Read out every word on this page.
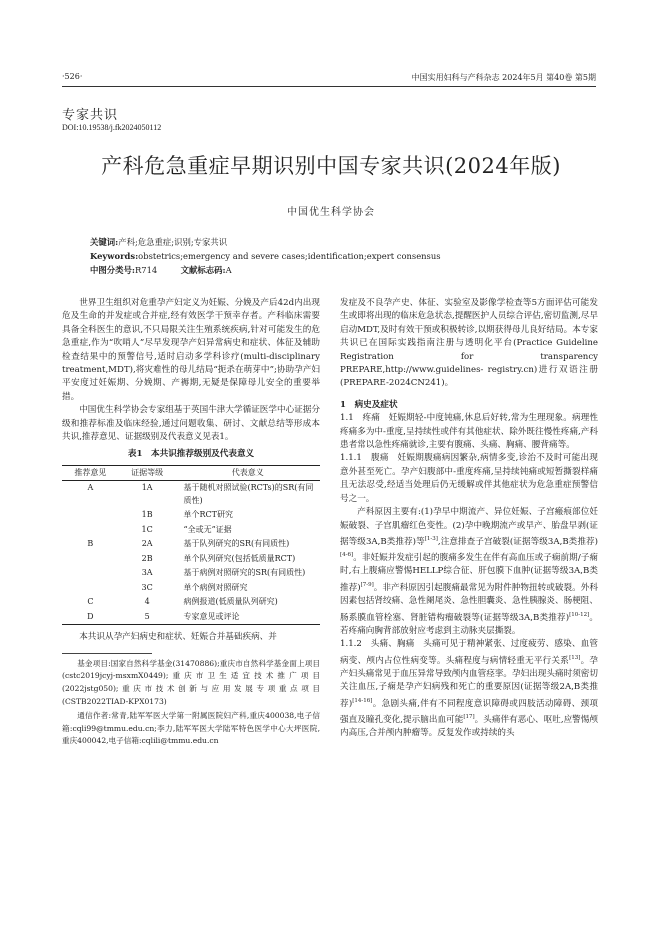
·526·	中国实用妇科与产科杂志 2024年5月 第40卷 第5期
专家共识
DOI:10.19538/j.fk2024050112
产科危急重症早期识别中国专家共识(2024年版)
中国优生科学协会
关键词:产科;危急重症;识别;专家共识
Keywords:obstetrics;emergency and severe cases;identification;expert consensus
中图分类号:R714	文献标志码:A

世界卫生组织对危重孕产妇定义为妊娠、分娩及产后42d内出现危及生命的并发症或合并症,经有效医学干预幸存者。产科临床需要具备全科医生的意识,不只局限关注生殖系统疾病,针对可能发生的危急重症,作为“吹哨人”尽早发现孕产妇异常病史和症状、体征及辅助检查结果中的预警信号,适时启动多学科诊疗(multi-disciplinary treatment,MDT),将灾难性的母儿结局“扼杀在萌芽中”;协助孕产妇平安度过妊娠期、分娩期、产褥期,无疑是保障母儿安全的重要举措。

中国优生科学协会专家组基于英国牛津大学循证医学中心证据分级和推荐标准及临床经验,通过问题收集、研讨、文献总结等形成本共识,推荐意见、证据级别及代表意义见表1。

表1　本共识推荐级别及代表意义
推荐意见	证据等级	代表意义
A	1A	基于随机对照试验(RCTs)的SR(有同质性)
	1B	单个RCT研究
	1C	“全或无”证据
B	2A	基于队列研究的SR(有同质性)
	2B	单个队列研究(包括低质量RCT)
	3A	基于病例对照研究的SR(有同质性)
	3C	单个病例对照研究
C	4	病例报道(低质量队列研究)
D	5	专家意见或评论

本共识从孕产妇病史和症状、妊娠合并基础疾病、并

基金项目:国家自然科学基金(31470886);重庆市自然科学基金面上项目(cstc2019jcyj-msxmX0449);重庆市卫生适宜技术推广项目(2022jstg050);重庆市技术创新与应用发展专项重点项目(CSTB2022TIAD-KPX0173)
通信作者:常青,陆军军医大学第一附属医院妇产科,重庆400038,电子信箱:cqli99@tmmu.edu.cn;李力,陆军军医大学陆军特色医学中心大坪医院,重庆400042,电子信箱:cqlili@tmmu.edu.cn

发症及不良孕产史、体征、实验室及影像学检查等5方面评估可能发生或即将出现的临床危急状态,提醒医护人员综合评估,密切监测,尽早启动MDT,及时有效干预或积极转诊,以期获得母儿良好结局。本专家共识已在国际实践指南注册与透明化平台(Practice Guideline Registration for transparency PREPARE,http://www.guidelines- registry.cn)进行双语注册(PREPARE-2024CN241)。

1　病史及症状

1.1　疼痛　妊娠期轻-中度钝痛,休息后好转,常为生理现象。病理性疼痛多为中-重度,呈持续性或伴有其他症状、除外既往慢性疼痛,产科患者常以急性疼痛就诊,主要有腹痛、头痛、胸痛、腰背痛等。

1.1.1　腹痛　妊娠期腹痛病因繁杂,病情多变,诊治不及时可能出现意外甚至死亡。孕产妇腹部中-重度疼痛,呈持续钝痛或短暂撕裂样痛且无法忍受,经适当处理后仍无缓解或伴其他症状为危急重症预警信号之一。

产科原因主要有:(1)孕早中期流产、异位妊娠、子宫瘢痕部位妊娠破裂、子宫肌瘤红色变性。(2)孕中晚期流产或早产、胎盘早剥(证据等级3A,B类推荐)等[1-3],注意排查子宫破裂(证据等级3A,B类推荐)[4-6]。非妊娠并发症引起的腹痛多发生在伴有高血压或子痫前期/子痫时,右上腹痛应警惕HELLP综合征、肝包膜下血肿(证据等级3A,B类推荐)[7-9]。非产科原因引起腹痛最常见为附件肿物扭转或破裂。外科因素包括肾绞痛、急性阑尾炎、急性胆囊炎、急性胰腺炎、肠梗阻、肠系膜血管栓塞、肾脏错构瘤破裂等(证据等级3A,B类推荐)[10-12]。若疼痛向胸背部放射应考虑到主动脉夹层撕裂。

1.1.2　头痛、胸痛　头痛可见于精神紧张、过度疲劳、感染、血管病变、颅内占位性病变等。头痛程度与病情轻重无平行关系[13]。孕产妇头痛常见于血压异常导致颅内血管痉挛。孕妇出现头痛时须密切关注血压,子痫是孕产妇病残和死亡的重要原因(证据等级2A,B类推荐)[14-16]。急剧头痛,伴有不同程度意识障碍或四肢活动障碍、颈项强直及瞳孔变化,提示脑出血可能[17]。头痛伴有恶心、呕吐,应警惕颅内高压,合并颅内肿瘤等。反复发作或持续的头
